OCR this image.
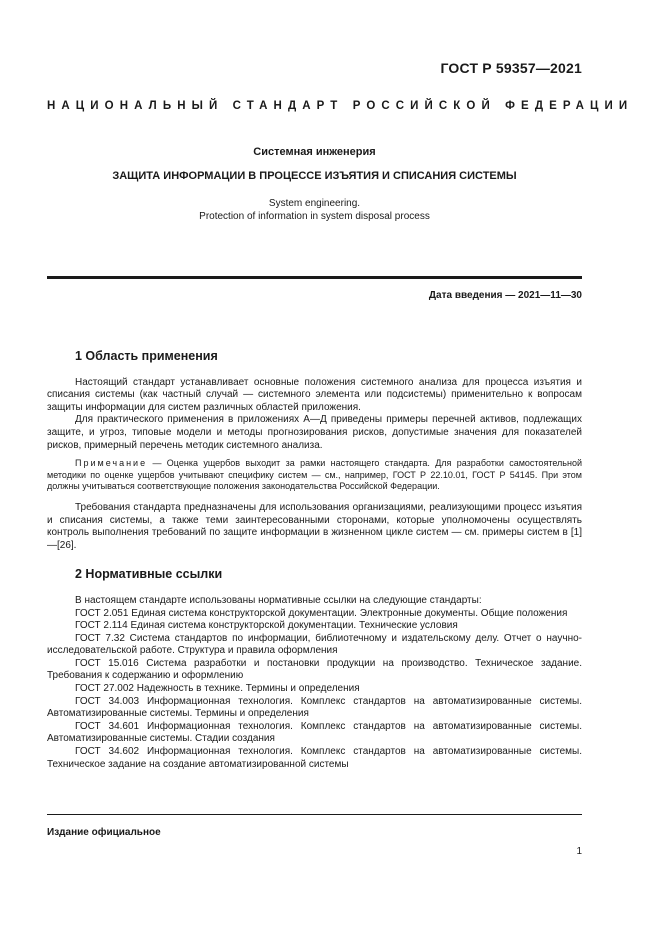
ГОСТ Р 59357—2021
НАЦИОНАЛЬНЫЙ СТАНДАРТ РОССИЙСКОЙ ФЕДЕРАЦИИ
Системная инженерия
ЗАЩИТА ИНФОРМАЦИИ В ПРОЦЕССЕ ИЗЪЯТИЯ И СПИСАНИЯ СИСТЕМЫ
System engineering.
Protection of information in system disposal process
Дата введения — 2021—11—30
1 Область применения

Настоящий стандарт устанавливает основные положения системного анализа для процесса изъятия и списания системы (как частный случай — системного элемента или подсистемы) применительно к вопросам защиты информации для систем различных областей приложения.

Для практического применения в приложениях А—Д приведены примеры перечней активов, подлежащих защите, и угроз, типовые модели и методы прогнозирования рисков, допустимые значения для показателей рисков, примерный перечень методик системного анализа.

Примечание — Оценка ущербов выходит за рамки настоящего стандарта. Для разработки самостоятельной методики по оценке ущербов учитывают специфику систем — см., например, ГОСТ Р 22.10.01, ГОСТ Р 54145. При этом должны учитываться соответствующие положения законодательства Российской Федерации.

Требования стандарта предназначены для использования организациями, реализующими процесс изъятия и списания системы, а также теми заинтересованными сторонами, которые уполномочены осуществлять контроль выполнения требований по защите информации в жизненном цикле систем — см. примеры систем в [1]—[26].

2 Нормативные ссылки

В настоящем стандарте использованы нормативные ссылки на следующие стандарты:

ГОСТ 2.051 Единая система конструкторской документации. Электронные документы. Общие положения
ГОСТ 2.114 Единая система конструкторской документации. Технические условия
ГОСТ 7.32 Система стандартов по информации, библиотечному и издательскому делу. Отчет о научно-исследовательской работе. Структура и правила оформления
ГОСТ 15.016 Система разработки и постановки продукции на производство. Техническое задание. Требования к содержанию и оформлению
ГОСТ 27.002 Надежность в технике. Термины и определения
ГОСТ 34.003 Информационная технология. Комплекс стандартов на автоматизированные системы. Автоматизированные системы. Термины и определения
ГОСТ 34.601 Информационная технология. Комплекс стандартов на автоматизированные системы. Автоматизированные системы. Стадии создания
ГОСТ 34.602 Информационная технология. Комплекс стандартов на автоматизированные системы. Техническое задание на создание автоматизированной системы
Издание официальное
1
